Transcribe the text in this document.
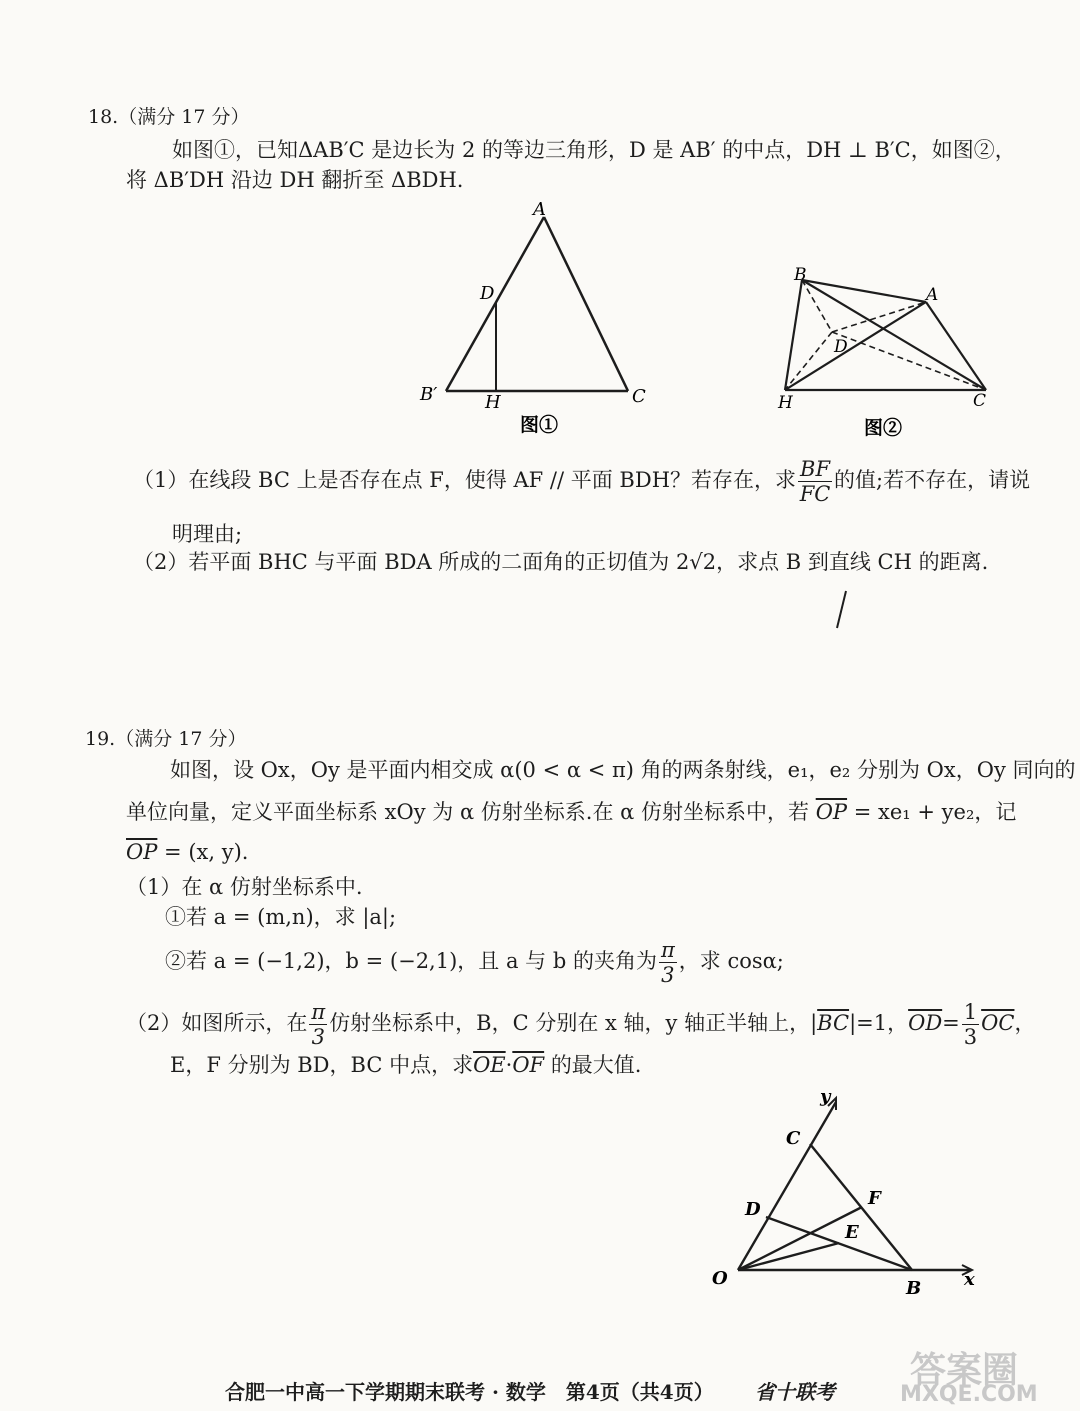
18.（满分 17 分）
如图①，已知ΔAB′C 是边长为 2 的等边三角形，D 是 AB′ 的中点，DH ⊥ B′C，如图②，
将 ΔB′DH 沿边 DH 翻折至 ΔBDH.
A
D
B′	H	C
图①
B
A
D
H	C
图②
（1）在线段 BC 上是否存在点 F，使得 AF // 平面 BDH？若存在，求 $\frac{BF}{FC}$ 的值;若不存在，请说
明理由;
（2）若平面 BHC 与平面 BDA 所成的二面角的正切值为 2√2，求点 B 到直线 CH 的距离.
19.（满分 17 分）
如图，设 Ox，Oy 是平面内相交成 α(0 < α < π) 角的两条射线，e₁，e₂ 分别为 Ox，Oy 同向的
单位向量，定义平面坐标系 xOy 为 α 仿射坐标系.在 α 仿射坐标系中，若 $\overline{OP} = xe_1 + ye_2$，记
$\overline{OP} = (x$, y).
（1）在 α 仿射坐标系中.
①若 a = (m,n)，求 |a|;
②若 a = (−1,2)，b = (−2,1)，且 a 与 b 的夹角为 $\frac{\pi}{3}$ ，求 cosα;
（2）如图所示，在 $\frac{\pi}{3}$ 仿射坐标系中，B，C 分别在 x 轴，y 轴正半轴上，$|\overline{BC}|=1$，$\overline{OD}= \frac{1}{3} \overline{OC}$，
E，F 分别为 BD，BC 中点，求$\overline{OE}\cdot\overline{OF}$ 的最大值.
y
C
D
F
E
O	B x
合肥一中高一下学期期末联考 · 数学　第4页（共4页） 省十联考
答案圈
MXQE.COM
